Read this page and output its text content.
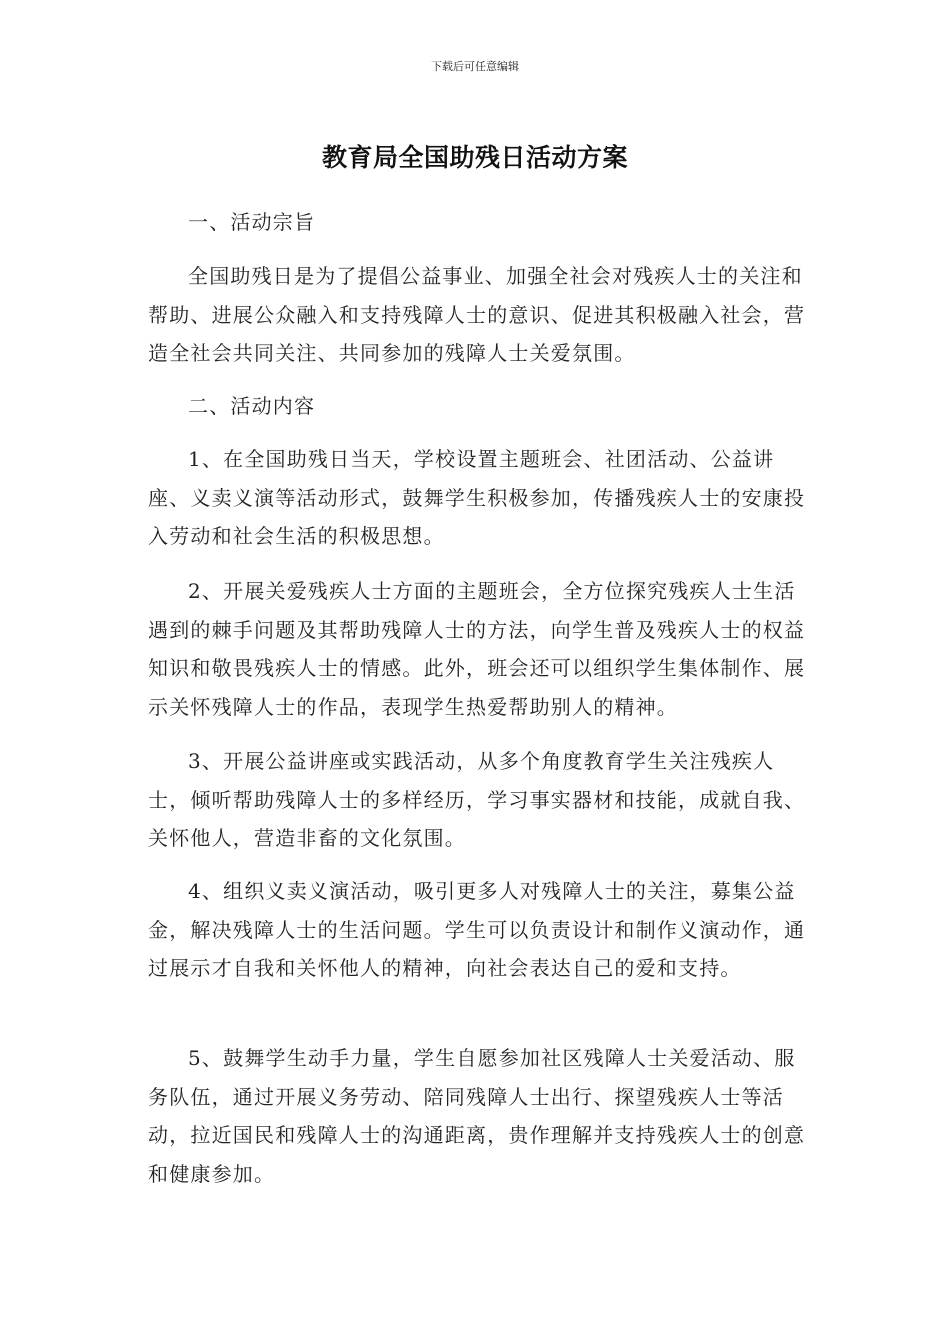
下载后可任意编辑
教育局全国助残日活动方案

一、活动宗旨

全国助残日是为了提倡公益事业、加强全社会对残疾人士的关注和帮助、进展公众融入和支持残障人士的意识、促进其积极融入社会，营造全社会共同关注、共同参加的残障人士关爱氛围。

二、活动内容

1、在全国助残日当天，学校设置主题班会、社团活动、公益讲座、义卖义演等活动形式，鼓舞学生积极参加，传播残疾人士的安康投入劳动和社会生活的积极思想。

2、开展关爱残疾人士方面的主题班会，全方位探究残疾人士生活遇到的棘手问题及其帮助残障人士的方法，向学生普及残疾人士的权益知识和敬畏残疾人士的情感。此外，班会还可以组织学生集体制作、展示关怀残障人士的作品，表现学生热爱帮助别人的精神。

3、开展公益讲座或实践活动，从多个角度教育学生关注残疾人士，倾听帮助残障人士的多样经历，学习事实器材和技能，成就自我、关怀他人，营造非畜的文化氛围。

4、组织义卖义演活动，吸引更多人对残障人士的关注，募集公益金，解决残障人士的生活问题。学生可以负责设计和制作义演动作，通过展示才自我和关怀他人的精神，向社会表达自己的爱和支持。

5、鼓舞学生动手力量，学生自愿参加社区残障人士关爱活动、服务队伍，通过开展义务劳动、陪同残障人士出行、探望残疾人士等活动，拉近国民和残障人士的沟通距离，贵作理解并支持残疾人士的创意和健康参加。
